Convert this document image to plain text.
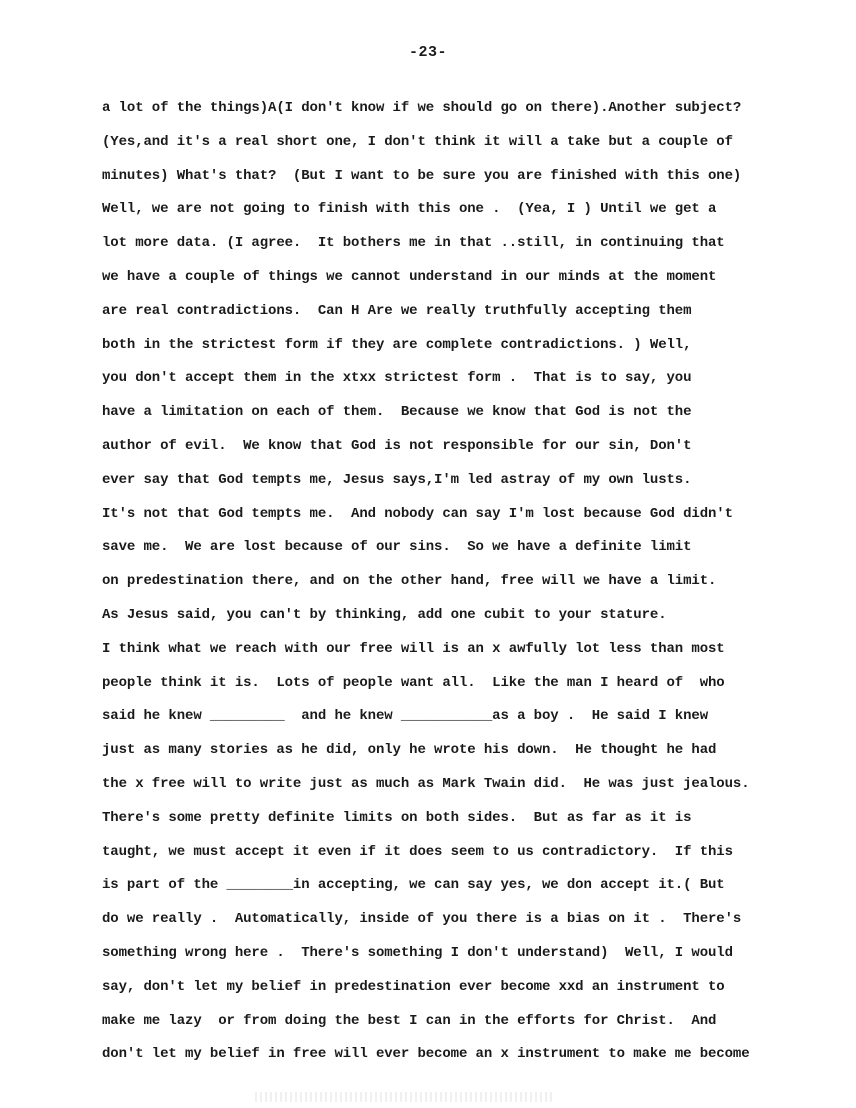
-23-
a lot of the things)A(I don't know if we should go on there).Another subject?
(Yes,and it's a real short one, I don't think it will a take but a couple of
minutes) What's that?  (But I want to be sure you are finished with this one)
Well, we are not going to finish with this one .  (Yea, I ) Until we get a
lot more data. (I agree.  It bothers me in that ..still, in continuing that
we have a couple of things we cannot understand in our minds at the moment
are real contradictions.  Can H Are we really truthfully accepting them
both in the strictest form if they are complete contradictions. ) Well,
you don't accept them in the xtxx strictest form .  That is to say, you
have a limitation on each of them.  Because we know that God is not the
author of evil.  We know that God is not responsible for our sin, Don't
ever say that God tempts me, Jesus says,I'm led astray of my own lusts.
It's not that God tempts me.  And nobody can say I'm lost because God didn't
save me.  We are lost because of our sins.  So we have a definite limit
on predestination there, and on the other hand, free will we have a limit.
As Jesus said, you can't by thinking, add one cubit to your stature.
I think what we reach with our free will is an x awfully lot less than most
people think it is.  Lots of people want all.  Like the man I heard of  who
said he knew _________  and he knew ___________as a boy .  He said I knew
just as many stories as he did, only he wrote his down.  He thought he had
the x free will to write just as much as Mark Twain did.  He was just jealous.
There's some pretty definite limits on both sides.  But as far as it is
taught, we must accept it even if it does seem to us contradictory.  If this
is part of the ________in accepting, we can say yes, we don accept it.( But
do we really .  Automatically, inside of you there is a bias on it .  There's
something wrong here .  There's something I don't understand)  Well, I would
say, don't let my belief in predestination ever become xxd an instrument to
make me lazy  or from doing the best I can in the efforts for Christ.  And
don't let my belief in free will ever become an x instrument to make me become
